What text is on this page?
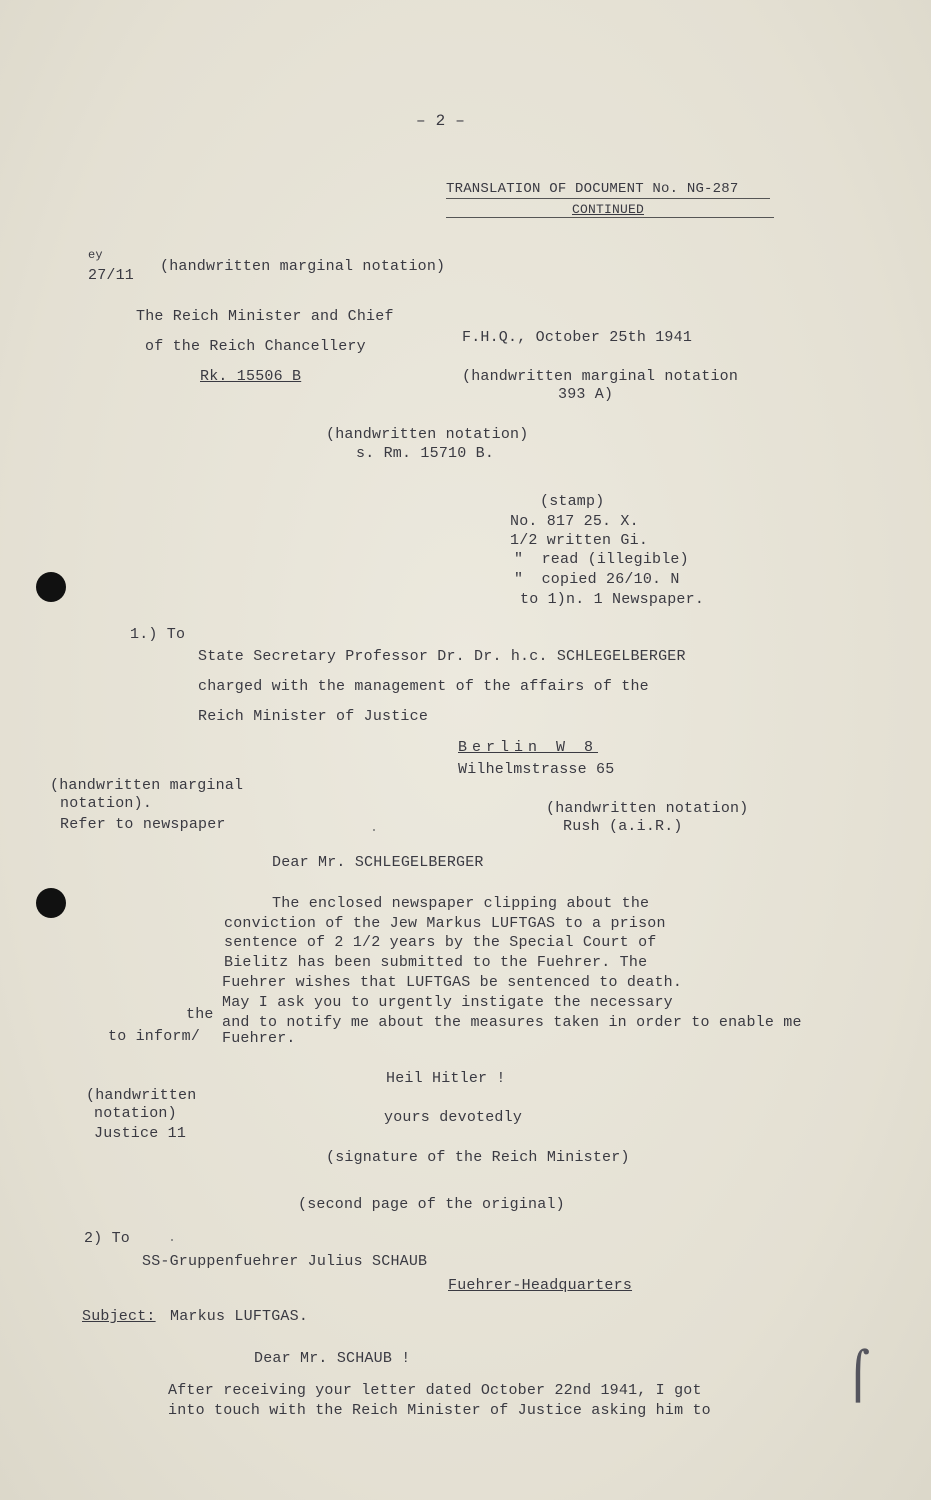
– 2 –
TRANSLATION OF DOCUMENT No. NG-287
CONTINUED
ey
27/11
(handwritten marginal notation)
The Reich Minister and Chief
of the Reich Chancellery
Rk. 15506 B
F.H.Q., October 25th 1941
(handwritten marginal notation
393 A)
(handwritten notation)
s. Rm. 15710 B.
(stamp)
No. 817 25. X.
1/2 written Gi.
"  read (illegible)
"  copied 26/10. N
to 1)n. 1 Newspaper.
1.) To
State Secretary Professor Dr. Dr. h.c. SCHLEGELBERGER
charged with the management of the affairs of the
Reich Minister of Justice
Berlin W 8
Wilhelmstrasse 65
(handwritten marginal
notation).
Refer to newspaper
(handwritten notation)
Rush (a.i.R.)
Dear Mr. SCHLEGELBERGER
The enclosed newspaper clipping about the
conviction of the Jew Markus LUFTGAS to a prison
sentence of 2 1/2 years by the Special Court of
Bielitz has been submitted to the Fuehrer. The
Fuehrer wishes that LUFTGAS be sentenced to death.
May I ask you to urgently instigate the necessary
the and to notify me about the measures taken in order to enable me
to inform/ Fuehrer.
Heil Hitler !
yours devotedly
(signature of the Reich Minister)
(handwritten
notation)
Justice 11
(second page of the original)
2) To
SS-Gruppenfuehrer Julius SCHAUB
Fuehrer-Headquarters
Subject: Markus LUFTGAS.
Dear Mr. SCHAUB !
After receiving your letter dated October 22nd 1941, I got
into touch with the Reich Minister of Justice asking him to
⌠
